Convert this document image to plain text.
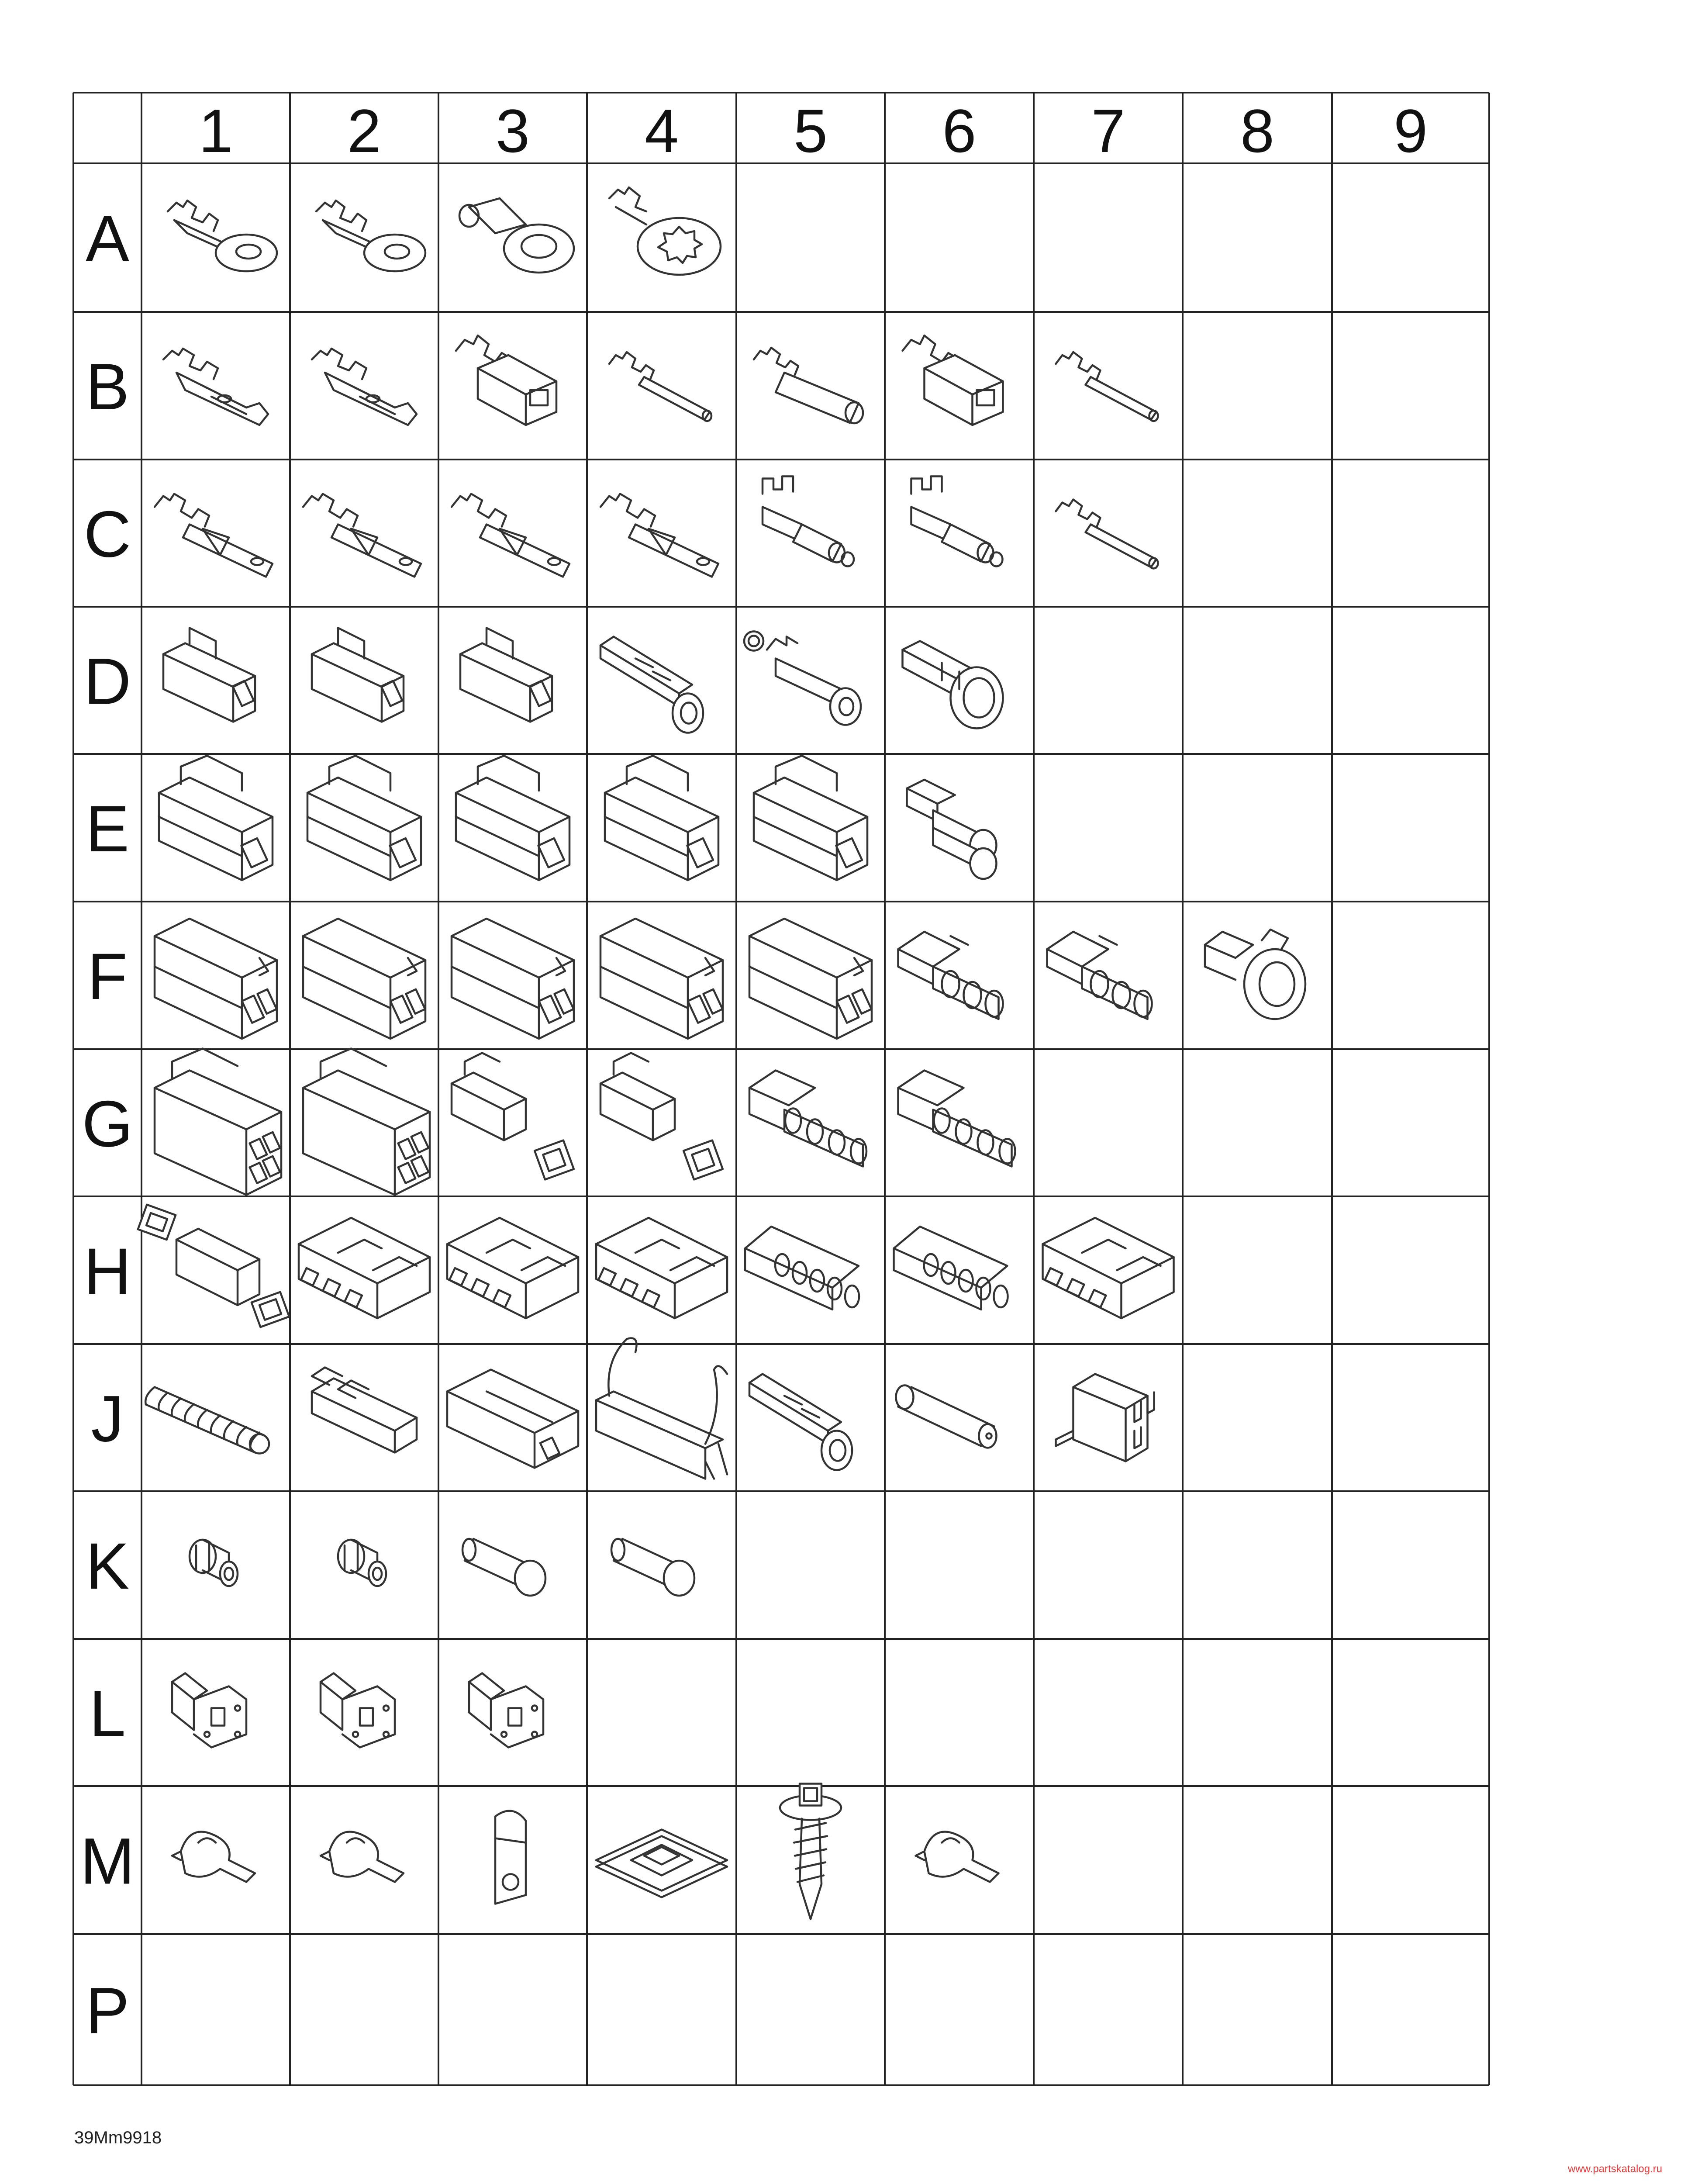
1 2 3 4 5 6 7 8 9
A
B
C
D
E
F
G
H
J
K
L
M
P
39Mm9918
www.partskatalog.ru
